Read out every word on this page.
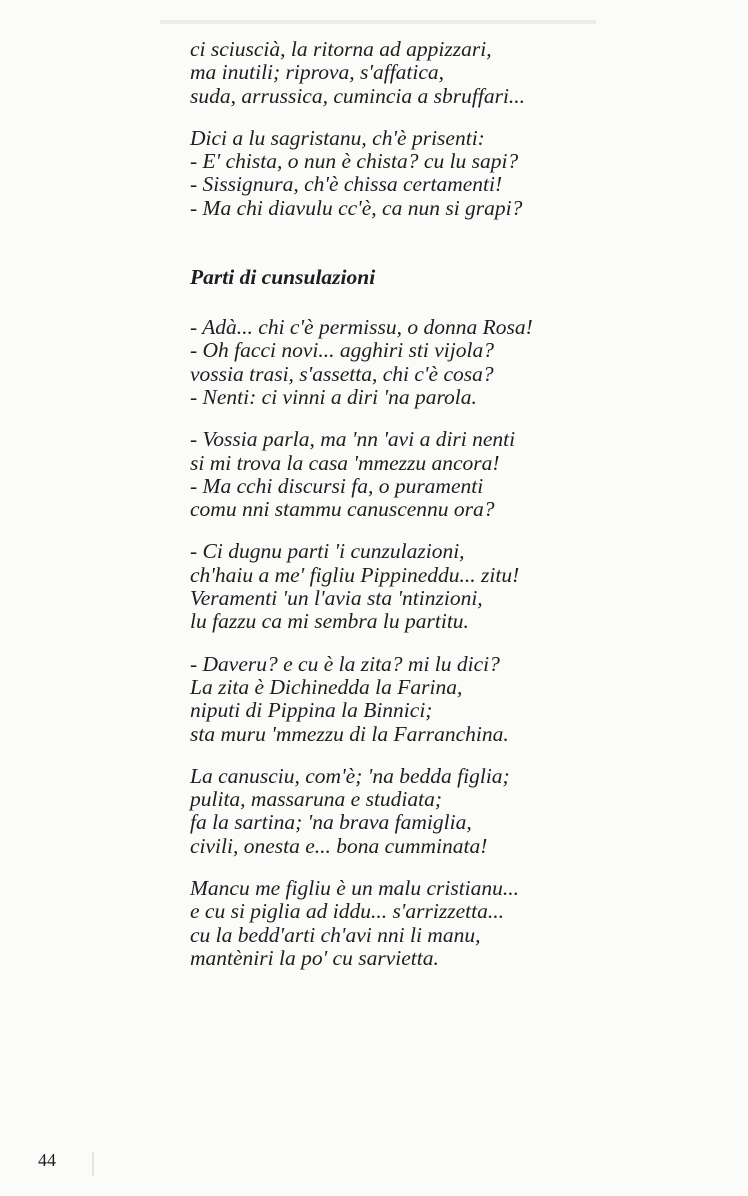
ci sciuscià, la ritorna ad appizzari,
ma inutili; riprova, s'affatica,
suda, arrussica, cumincia a sbruffari...

Dici a lu sagristanu, ch'è prisenti:
- E' chista, o nun è chista? cu lu sapi?
- Sissignura, ch'è chissa certamenti!
- Ma chi diavulu cc'è, ca nun si grapi?

Parti di cunsulazioni

- Adà... chi c'è permissu, o donna Rosa!
- Oh facci novi... agghiri sti vijola?
vossia trasi, s'assetta, chi c'è cosa?
- Nenti: ci vinni a diri 'na parola.

- Vossia parla, ma 'nn 'avi a diri nenti
si mi trova la casa 'mmezzu ancora!
- Ma cchi discursi fa, o puramenti
comu nni stammu canuscennu ora?

- Ci dugnu parti 'i cunzulazioni,
ch'haiu a me' figliu Pippineddu... zitu!
Veramenti 'un l'avia sta 'ntinzioni,
lu fazzu ca mi sembra lu partitu.

- Daveru? e cu è la zita? mi lu dici?
La zita è Dichinedda la Farina,
niputi di Pippina la Binnici;
sta muru 'mmezzu di la Farranchina.

La canusciu, com'è; 'na bedda figlia;
pulita, massaruna e studiata;
fa la sartina; 'na brava famiglia,
civili, onesta e... bona cumminata!

Mancu me figliu è un malu cristianu...
e cu si piglia ad iddu... s'arrizzetta...
cu la bedd'arti ch'avi nni li manu,
mantèniri la po' cu sarvietta.

44
